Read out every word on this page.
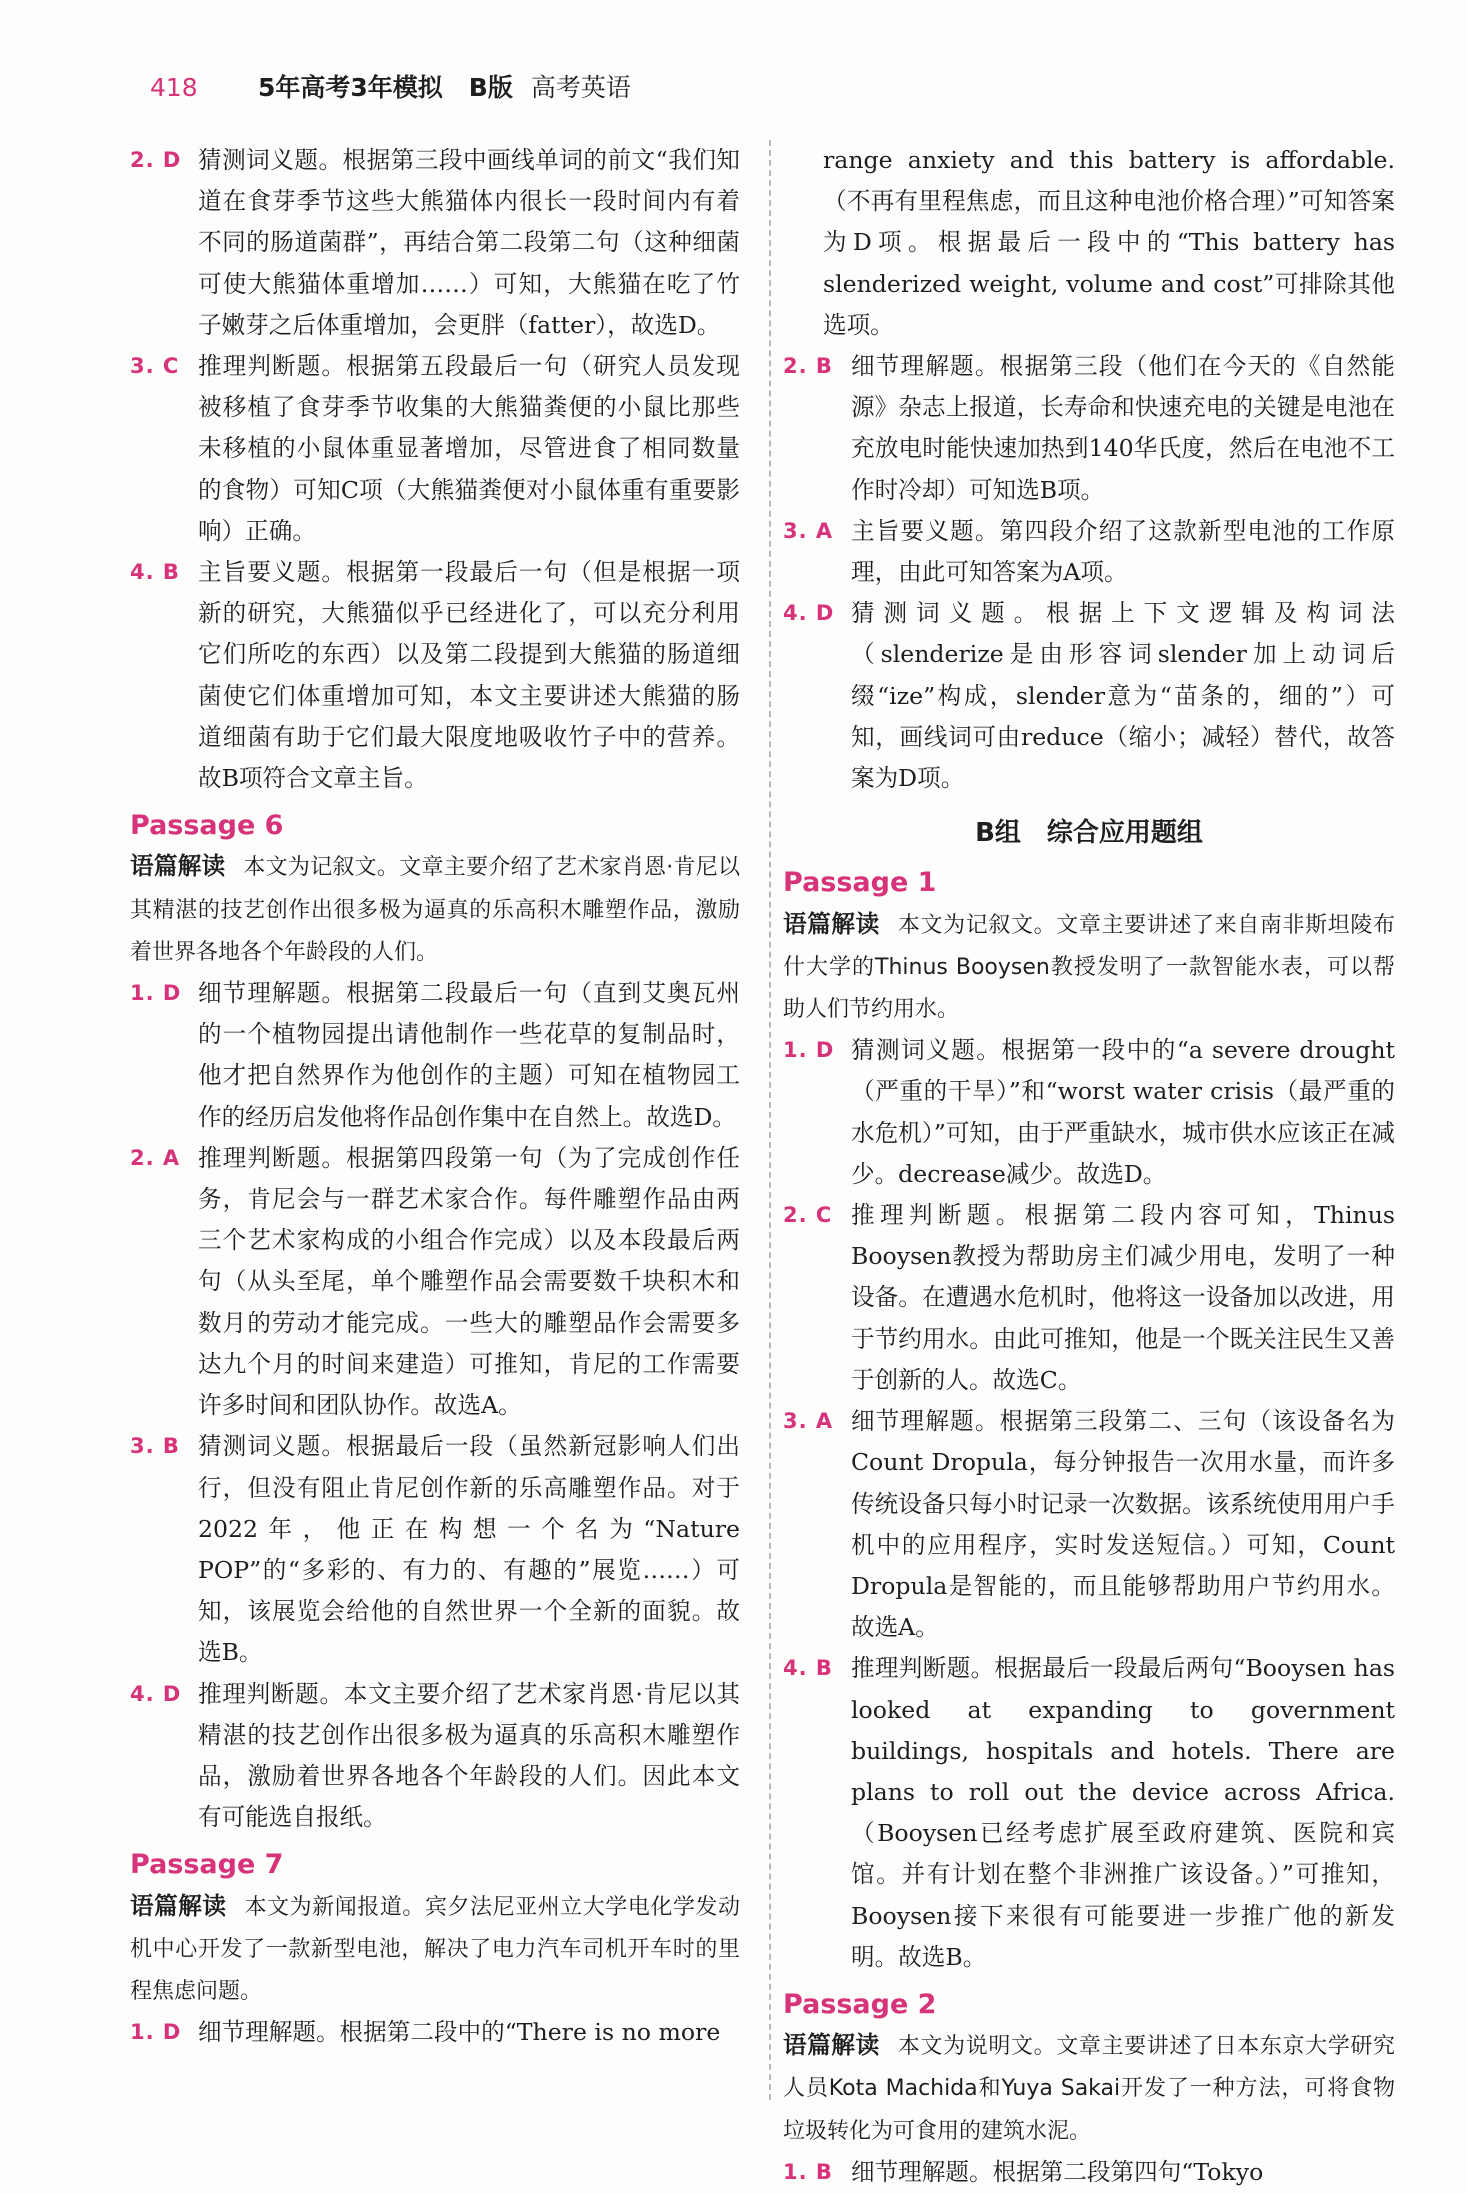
418	5年高考3年模拟 B版 高考英语
2. D 猜测词义题。根据第三段中画线单词的前文“我们知道在食芽季节这些大熊猫体内很长一段时间内有着不同的肠道菌群”，再结合第二段第二句（这种细菌可使大熊猫体重增加……）可知，大熊猫在吃了竹子嫩芽之后体重增加，会更胖（fatter），故选D。
3. C 推理判断题。根据第五段最后一句（研究人员发现被移植了食芽季节收集的大熊猫粪便的小鼠比那些未移植的小鼠体重显著增加，尽管进食了相同数量的食物）可知C项（大熊猫粪便对小鼠体重有重要影响）正确。
4. B 主旨要义题。根据第一段最后一句（但是根据一项新的研究，大熊猫似乎已经进化了，可以充分利用它们所吃的东西）以及第二段提到大熊猫的肠道细菌使它们体重增加可知，本文主要讲述大熊猫的肠道细菌有助于它们最大限度地吸收竹子中的营养。故B项符合文章主旨。
Passage 6
语篇解读 本文为记叙文。文章主要介绍了艺术家肖恩·肯尼以其精湛的技艺创作出很多极为逼真的乐高积木雕塑作品，激励着世界各地各个年龄段的人们。
1. D 细节理解题。根据第二段最后一句（直到艾奥瓦州的一个植物园提出请他制作一些花草的复制品时，他才把自然界作为他创作的主题）可知在植物园工作的经历启发他将作品创作集中在自然上。故选D。
2. A 推理判断题。根据第四段第一句（为了完成创作任务，肯尼会与一群艺术家合作。每件雕塑作品由两三个艺术家构成的小组合作完成）以及本段最后两句（从头至尾，单个雕塑作品会需要数千块积木和数月的劳动才能完成。一些大的雕塑品作会需要多达九个月的时间来建造）可推知，肯尼的工作需要许多时间和团队协作。故选A。
3. B 猜测词义题。根据最后一段（虽然新冠影响人们出行，但没有阻止肯尼创作新的乐高雕塑作品。对于2022年，他正在构想一个名为“Nature POP”的“多彩的、有力的、有趣的”展览……）可知，该展览会给他的自然世界一个全新的面貌。故选B。
4. D 推理判断题。本文主要介绍了艺术家肖恩·肯尼以其精湛的技艺创作出很多极为逼真的乐高积木雕塑作品，激励着世界各地各个年龄段的人们。因此本文有可能选自报纸。
Passage 7
语篇解读 本文为新闻报道。宾夕法尼亚州立大学电化学发动机中心开发了一款新型电池，解决了电力汽车司机开车时的里程焦虑问题。
1. D 细节理解题。根据第二段中的“There is no more
range anxiety and this battery is affordable.（不再有里程焦虑，而且这种电池价格合理）”可知答案为D项。根据最后一段中的“This battery has slenderized weight, volume and cost”可排除其他选项。
2. B 细节理解题。根据第三段（他们在今天的《自然能源》杂志上报道，长寿命和快速充电的关键是电池在充放电时能快速加热到140华氏度，然后在电池不工作时冷却）可知选B项。
3. A 主旨要义题。第四段介绍了这款新型电池的工作原理，由此可知答案为A项。
4. D 猜测词义题。根据上下文逻辑及构词法（slenderize是由形容词slender加上动词后缀“ize”构成，slender意为“苗条的，细的”）可知，画线词可由reduce（缩小；减轻）替代，故答案为D项。
B组　综合应用题组
Passage 1
语篇解读 本文为记叙文。文章主要讲述了来自南非斯坦陵布什大学的Thinus Booysen教授发明了一款智能水表，可以帮助人们节约用水。
1. D 猜测词义题。根据第一段中的“a severe drought（严重的干旱）”和“worst water crisis（最严重的水危机）”可知，由于严重缺水，城市供水应该正在减少。decrease减少。故选D。
2. C 推理判断题。根据第二段内容可知，Thinus Booysen教授为帮助房主们减少用电，发明了一种设备。在遭遇水危机时，他将这一设备加以改进，用于节约用水。由此可推知，他是一个既关注民生又善于创新的人。故选C。
3. A 细节理解题。根据第三段第二、三句（该设备名为Count Dropula，每分钟报告一次用水量，而许多传统设备只每小时记录一次数据。该系统使用用户手机中的应用程序，实时发送短信。）可知，Count Dropula是智能的，而且能够帮助用户节约用水。故选A。
4. B 推理判断题。根据最后一段最后两句“Booysen has looked at expanding to government buildings, hospitals and hotels. There are plans to roll out the device across Africa.（Booysen已经考虑扩展至政府建筑、医院和宾馆。并有计划在整个非洲推广该设备。）”可推知，Booysen接下来很有可能要进一步推广他的新发明。故选B。
Passage 2
语篇解读 本文为说明文。文章主要讲述了日本东京大学研究人员Kota Machida和Yuya Sakai开发了一种方法，可将食物垃圾转化为可食用的建筑水泥。
1. B 细节理解题。根据第二段第四句“Tokyo
